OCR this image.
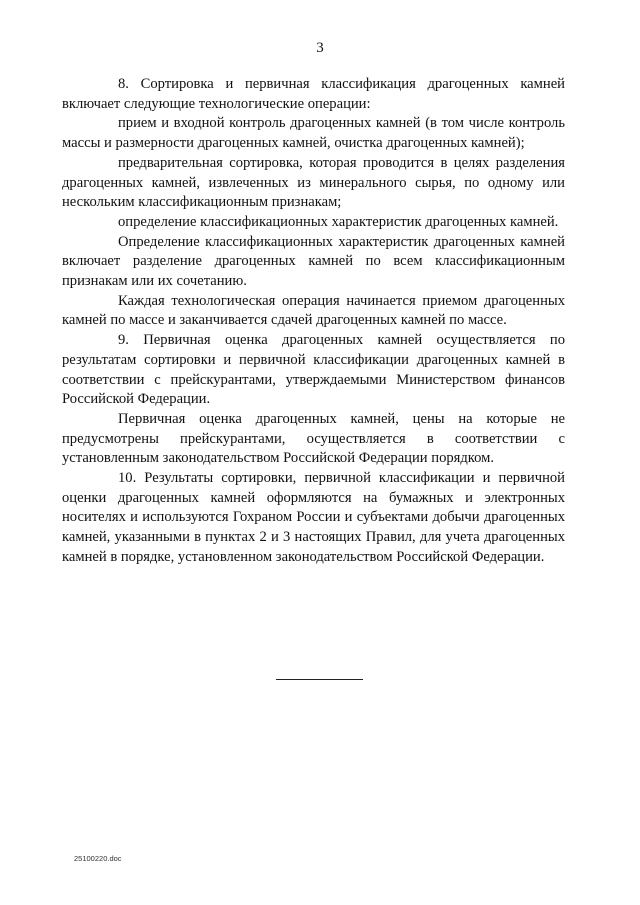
3

8. Сортировка и первичная классификация драгоценных камней включает следующие технологические операции:

прием и входной контроль драгоценных камней (в том числе контроль массы и размерности драгоценных камней, очистка драгоценных камней);

предварительная сортировка, которая проводится в целях разделения драгоценных камней, извлеченных из минерального сырья, по одному или нескольким классификационным признакам;

определение классификационных характеристик драгоценных камней.

Определение классификационных характеристик драгоценных камней включает разделение драгоценных камней по всем классификационным признакам или их сочетанию.

Каждая технологическая операция начинается приемом драгоценных камней по массе и заканчивается сдачей драгоценных камней по массе.

9. Первичная оценка драгоценных камней осуществляется по результатам сортировки и первичной классификации драгоценных камней в соответствии с прейскурантами, утверждаемыми Министерством финансов Российской Федерации.

Первичная оценка драгоценных камней, цены на которые не предусмотрены прейскурантами, осуществляется в соответствии с установленным законодательством Российской Федерации порядком.

10. Результаты сортировки, первичной классификации и первичной оценки драгоценных камней оформляются на бумажных и электронных носителях и используются Гохраном России и субъектами добычи драгоценных камней, указанными в пунктах 2 и 3 настоящих Правил, для учета драгоценных камней в порядке, установленном законодательством Российской Федерации.

25100220.doc
